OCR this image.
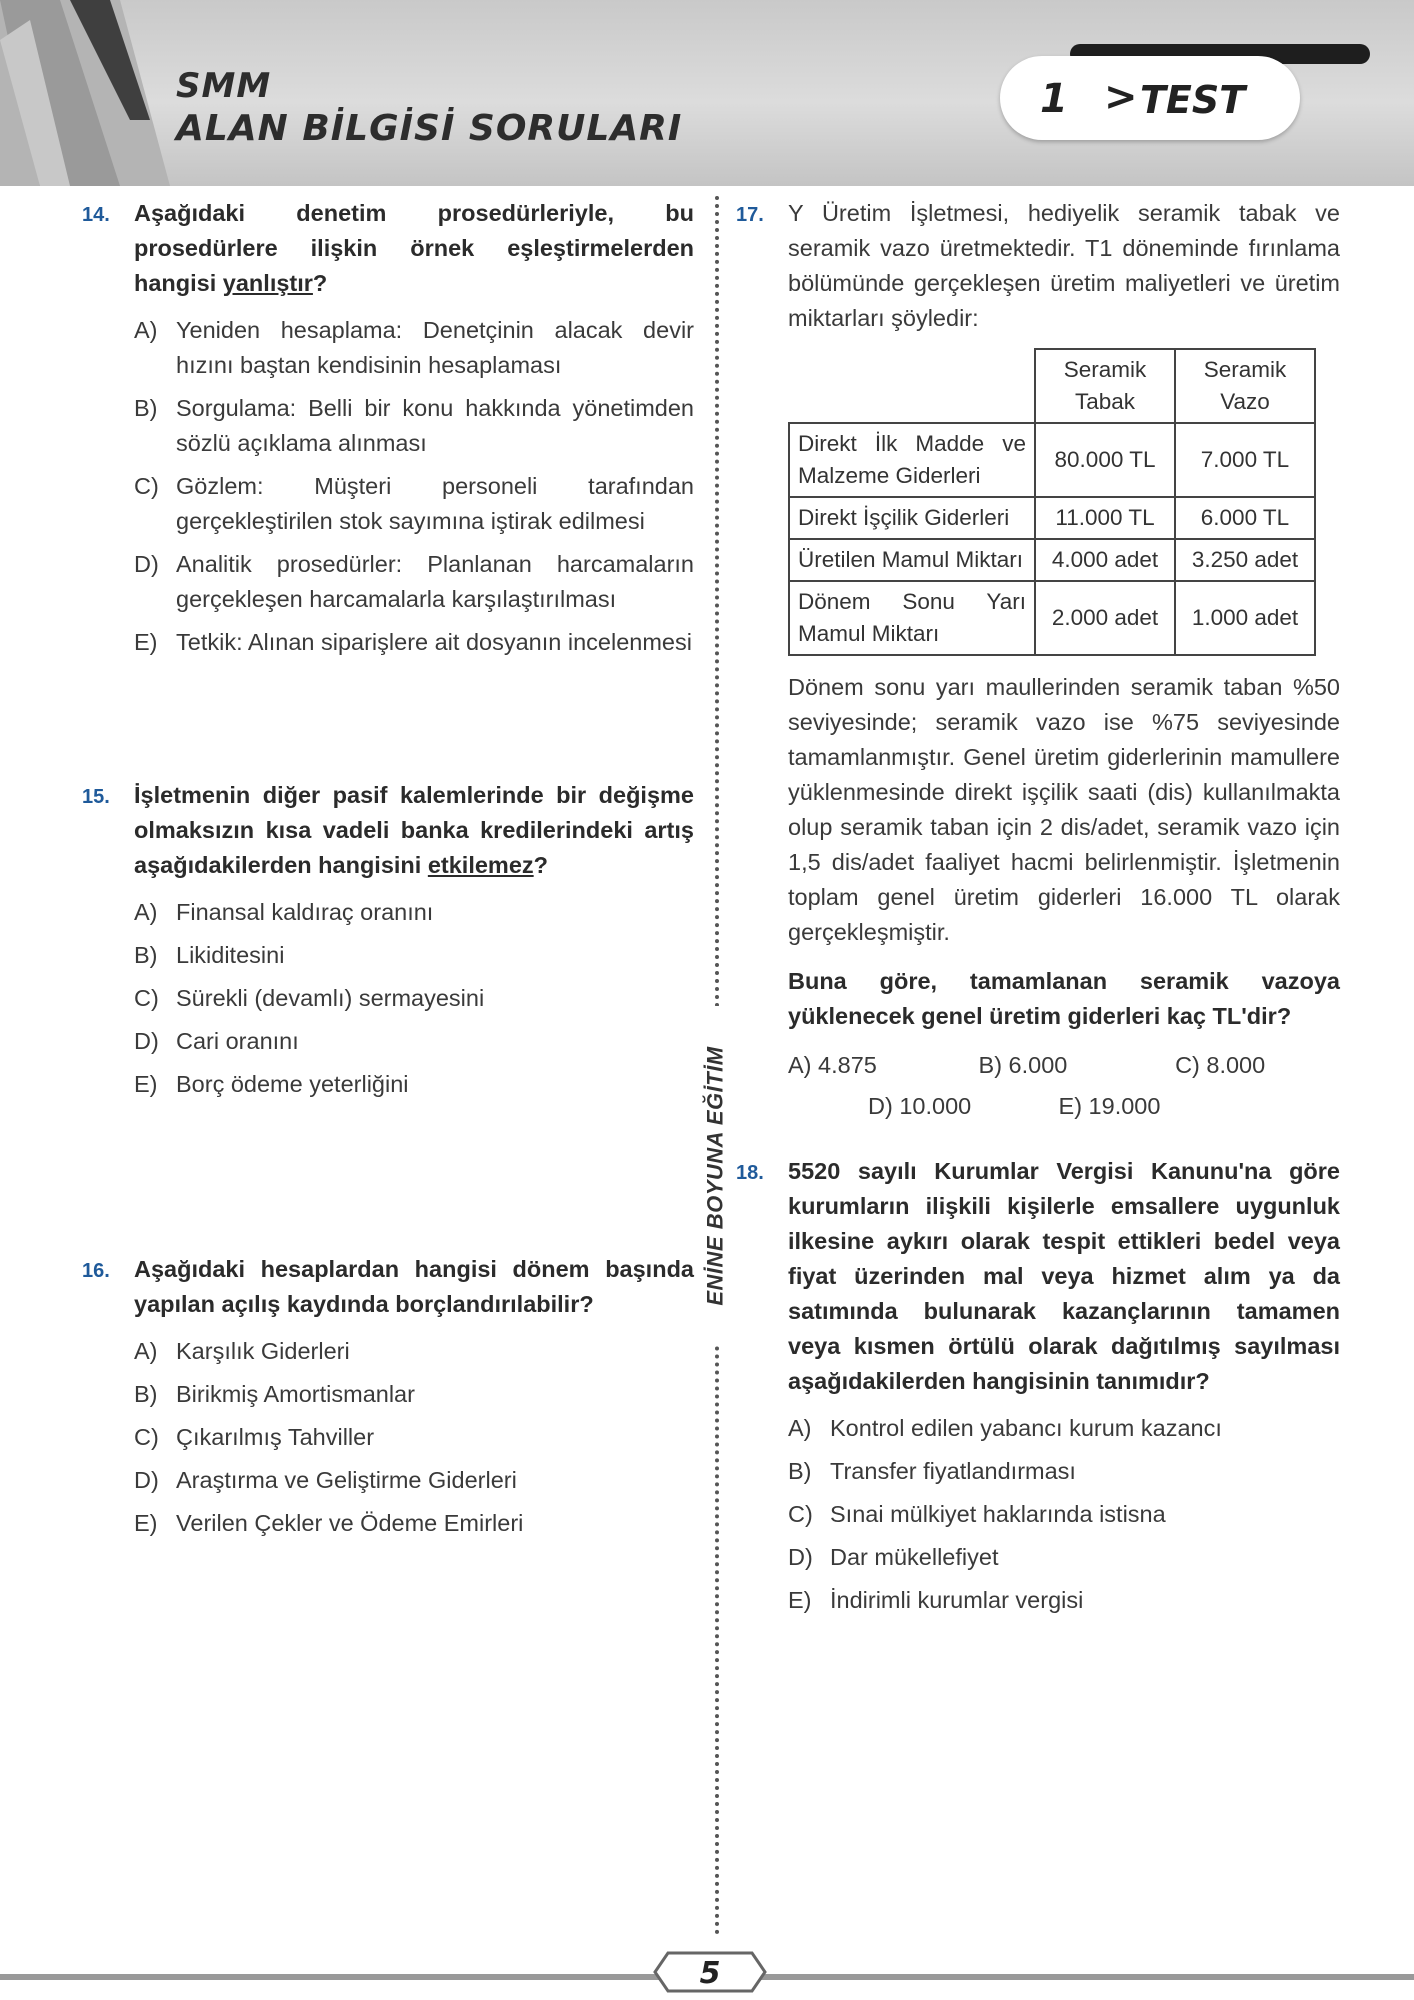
SMM
ALAN BİLGİSİ SORULARI
1 > TEST
ENİNE BOYUNA EĞİTİM
14. Aşağıdaki denetim prosedürleriyle, bu prosedürlere ilişkin örnek eşleştirmelerden hangisi yanlıştır?
A) Yeniden hesaplama: Denetçinin alacak devir hızını baştan kendisinin hesaplaması
B) Sorgulama: Belli bir konu hakkında yönetimden sözlü açıklama alınması
C) Gözlem: Müşteri personeli tarafından gerçekleştirilen stok sayımına iştirak edilmesi
D) Analitik prosedürler: Planlanan harcamaların gerçekleşen harcamalarla karşılaştırılması
E) Tetkik: Alınan siparişlere ait dosyanın incelenmesi
15. İşletmenin diğer pasif kalemlerinde bir değişme olmaksızın kısa vadeli banka kredilerindeki artış aşağıdakilerden hangisini etkilemez?
A) Finansal kaldıraç oranını
B) Likiditesini
C) Sürekli (devamlı) sermayesini
D) Cari oranını
E) Borç ödeme yeterliğini
16. Aşağıdaki hesaplardan hangisi dönem başında yapılan açılış kaydında borçlandırılabilir?
A) Karşılık Giderleri
B) Birikmiş Amortismanlar
C) Çıkarılmış Tahviller
D) Araştırma ve Geliştirme Giderleri
E) Verilen Çekler ve Ödeme Emirleri
17. Y Üretim İşletmesi, hediyelik seramik tabak ve seramik vazo üretmektedir. T1 döneminde fırınlama bölümünde gerçekleşen üretim maliyetleri ve üretim miktarları şöyledir:
	Seramik Tabak	Seramik Vazo
Direkt İlk Madde ve Malzeme Giderleri	80.000 TL	7.000 TL
Direkt İşçilik Giderleri	11.000 TL	6.000 TL
Üretilen Mamul Miktarı	4.000 adet	3.250 adet
Dönem Sonu Yarı Mamul Miktarı	2.000 adet	1.000 adet
Dönem sonu yarı maullerinden seramik taban %50 seviyesinde; seramik vazo ise %75 seviyesinde tamamlanmıştır. Genel üretim giderlerinin mamullere yüklenmesinde direkt işçilik saati (dis) kullanılmakta olup seramik taban için 2 dis/adet, seramik vazo için 1,5 dis/adet faaliyet hacmi belirlenmiştir. İşletmenin toplam genel üretim giderleri 16.000 TL olarak gerçekleşmiştir.
Buna göre, tamamlanan seramik vazoya yüklenecek genel üretim giderleri kaç TL'dir?
A) 4.875	B) 6.000	C) 8.000
D) 10.000	E) 19.000
18. 5520 sayılı Kurumlar Vergisi Kanunu'na göre kurumların ilişkili kişilerle emsallere uygunluk ilkesine aykırı olarak tespit ettikleri bedel veya fiyat üzerinden mal veya hizmet alım ya da satımında bulunarak kazançlarının tamamen veya kısmen örtülü olarak dağıtılmış sayılması aşağıdakilerden hangisinin tanımıdır?
A) Kontrol edilen yabancı kurum kazancı
B) Transfer fiyatlandırması
C) Sınai mülkiyet haklarında istisna
D) Dar mükellefiyet
E) İndirimli kurumlar vergisi
5
